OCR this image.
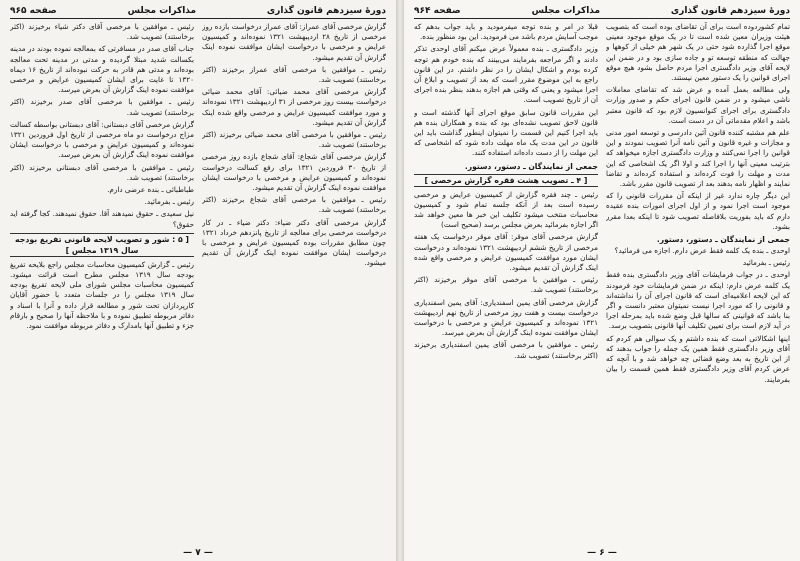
دورهٔ سیزدهم قانون گذاری
مذاکرات مجلس
صفحه ۹۶۵

گزارش مرخصی آقای عمراز: آقای عمراز درخواست بازده روز مرخصی از تاریخ ۲۸ اردیبهشت ۱۳۲۱ نموده‌اند و کمیسیون عرایض و مرخصی با درخواست ایشان موافقت نموده اینک گزارش آن تقدیم میشود.

رئیس ـ موافقین با مرخصی آقای عمراز برخیزند (اکثر برخاستند) تصویب شد.

گزارش مرخصی آقای محمد ضیائی: آقای محمد ضیائی درخواست بیست روز مرخصی از ۳۱ اردیبهشت ۱۳۲۱ نموده‌اند و مورد موافقت کمیسیون عرایض و مرخصی واقع شده اینک گزارش آن تقدیم میشود.

رئیس ـ موافقین با مرخصی آقای محمد ضیائی برخیزند (اکثر برخاستند) تصویب شد.

گزارش مرخصی آقای شجاع: آقای شجاع بازده روز مرخصی از تاریخ ۳۰ فروردین ۱۳۲۱ برای رفع کسالت درخواست نموده‌اند و کمیسیون عرایض و مرخصی با درخواست ایشان موافقت نموده اینک گزارش آن تقدیم میشود.

رئیس ـ موافقین با مرخصی آقای شجاع برخیزند (اکثر برخاستند) تصویب شد.

گزارش مرخصی آقای دکتر ضیاء: دکتر ضیاء ـ در کار درخواست مرخصی برای معالجه از تاریخ پانزدهم خرداد ۱۳۲۱ چون مطابق مقررات بوده کمیسیون عرایض و مرخصی با درخواست ایشان موافقت نموده اینک گزارش آن تقدیم میشود.

رئیس ـ موافقین با مرخصی آقای دکتر شیاء برخیزند (اکثر برخاستند) تصویب شد.

جناب آقای صدر در مسافرتی که بمعالجه نموده بودند در مدینه بکسالت شدید مبتلا گردیده و مدتی در مدینه تحت معالجه بوده‌اند و مدتی هم قادر به حرکت نبوده‌اند از تاریخ ۱۶ دیماه ۱۳۲۰ تا غایت برای ایشان کمیسیون عرایض و مرخصی موافقت نموده اینک گزارش آن بعرض میرسد.

رئیس ـ موافقین با مرخصی آقای صدر برخیزند (اکثر برخاستند) تصویب شد.

گزارش مرخصی آقای دبستانی: آقای دبستانی بواسطه کسالت مزاج درخواست دو ماه مرخصی از تاریخ اول فروردین ۱۳۲۱ نموده‌اند و کمیسیون عرایض و مرخصی با درخواست ایشان موافقت نموده اینک گزارش آن بعرض میرسد.

رئیس ـ موافقین با مرخصی آقای دبستانی برخیزند (اکثر برخاستند) تصویب شد.

طباطبائی ـ بنده عرضی دارم.

رئیس ـ بفرمائید.

نیل سعیدی ـ حقوق نمیدهند آقا. حقوق نمیدهند. کجا گرفته اید حقوق؟

[ ۵ : شور و تصویب لایحه قانونی تفریغ بودجه سال ۱۳۱۹ مجلس ]

رئیس ـ گزارش کمیسیون محاسبات مجلس راجع بلایحه تفریغ بودجه سال ۱۳۱۹ مجلس مطرح است قرائت میشود. کمیسیون محاسبات مجلس شورای ملی لایحه تفریغ بودجه سال ۱۳۱۹ مجلس را در جلسات متعدد با حضور آقایان کارپردازان تحت شور و مطالعه قرار داده و آنرا با اسناد و دفاتر مربوطه تطبیق نموده و با ملاحظه آنها را صحیح و بارقام جزء و تطبیق آنها بامدارک و دفاتر مربوطه موافقت نمود.

— ۷ —
دورهٔ سیزدهم قانون گذاری
مذاکرات مجلس
صفحه ۹۶۴

تمام کشوردوده است برای آن تقاضای بوده است که بتصویب هیئت وزیران معین شده است تا در یک موقع موجود معینی موقع اجرا گذارده شود حتی در یک شهر هم خیلی از کوهها و جهالت که منطقه توسعه تو و جاده سازی بود و در ضمن این لایحه آقای وزیر دادگستری اجرا مردم حاصل بشود هیچ موقع اجرای قوانین را یک دستور معین نیستند.

ولی مطالعه بعمل آمده و عرض شد که تقاضای معاملات ناشی میشود و در ضمن قانون اجرای حکم و صدور وزارت دادگستری برای اجرای کنوانسیون لازم بود که قانون معتبر باشد و اعلام مقدماتی آن در دست است.

علم هم مشتبه کننده قانون آئین دادرسی و توسعه امور مدنی و مجازات و غیره قانون و آئین نامه آنرا تصویب نمودند و این قوانین را اجرا نمی‌کنند و وزارت دادگستری اجازه میخواهد که بترتیب معینی آنها را اجرا کند و اولا اگر یک اشخاصی که این مدت و مهلت را فوت کرده‌اند و استفاده کرده‌اند و تقاضا نمایند و اظهار نامه بدهند بعد از تصویب قانون مقرر باشد.

این دیگر چاره ندارد غیر از اینکه آن مقررات قانونی را که موجود است اجرا نمود و از اول اجرای امورات بنده عقیده دارم که باید بفوریت بلافاصله تصویب شود تا اینکه بعدا مقرر بشود.

جمعی از نمایندگان ـ دستور، دستور.

اوحدی ـ بنده یک کلمه فقط عرض دارم. اجازه می فرمائید؟

رئیس ـ بفرمائید

اوحدی ـ در جواب فرمایشات آقای وزیر دادگستری بنده فقط یک کلمه عرض دارم: اینکه در ضمن فرمایشات خود فرمودند که این لایحه اعلامیه‌ای است که قانون اجرای آن را نداشته‌اند و قانونی را که مورد اجرا نیست نمیتوان معتبر دانست و اگر بنا باشد که قوانینی که سالها قبل وضع شده باید بمرحله اجرا در آید لازم است برای تعیین تکلیف آنها قانونی بتصویب برسد.

اینها اشکالاتی است که بنده داشتم و یک سوالی هم کردم که آقای وزیر دادگستری فقط همین یک جمله را جواب بدهند که از این تاریخ به بعد وضع قضائی چه خواهد شد و با آنچه که عرض کردم آقای وزیر دادگستری فقط همین قسمت را بیان بفرمایند.

قبلا در امر و بنده توجه میفرمودید و باید جواب بدهم که موجب آسایش مردم باشد می فرمودید. این بود منظور بنده.

وزیر دادگستری ـ بنده معمولاً عرض میکنم آقای اوحدی تذکر دادند و اگر مراجعه بفرمایند می‌بینند که بنده خودم هم توجه کرده بودم و اشکال ایشان را در نظر داشتم. در این قانون راجع به این موضوع مقرر است که بعد از تصویب و ابلاغ آن اجرا میشود و یعنی که وقتی هم اجازه بدهند بنظر بنده اجرای آن از تاریخ تصویب است.

این مقررات قانون سابق موقع اجرای آنها گذشته است و قانون لاحق تصویب نشده‌ای بود که بنده و همکاران بنده هم باید اجرا کنیم این قسمت را نمیتوان اینطور گذاشت باید این قانون در این مدت یک ماه مهلت داده شود که اشخاصی که این مهلت را از دست داده‌اند استفاده کنند.

جمعی از نمایندگان ـ دستور، دستور.
[ ۴ ـ تصویب هشت فقره گزارش مرخصی ]

رئیس ـ چند فقره گزارش از کمیسیون عرایض و مرخصی رسیده است بعد از آنکه جلسه تمام شود و کمیسیون محاسبات منتخب میشود تکلیف این خبر ها معین خواهد شد اگر اجازه بفرمائید بعرض مجلس برسد (صحیح است)

گزارش مرخصی آقای موقر: آقای موقر درخواست یک هفته مرخصی از تاریخ ششم اردیبهشت ۱۳۲۱ نموده‌اند و درخواست ایشان مورد موافقت کمیسیون عرایض و مرخصی واقع شده اینک گزارش آن تقدیم میشود.

رئیس ـ موافقین با مرخصی آقای موقر برخیزند (اکثر برخاستند) تصویب شد.

گزارش مرخصی آقای یمین اسفندیاری: آقای یمین اسفندیاری درخواست بیست و هفت روز مرخصی از تاریخ نهم اردیبهشت ۱۳۲۱ نموده‌اند و کمیسیون عرایض و مرخصی با درخواست ایشان موافقت نموده اینک گزارش آن بعرض میرسد.

رئیس ـ موافقین با مرخصی آقای یمین اسفندیاری برخیزند (اکثر برخاستند) تصویب شد.

— ۶ —
